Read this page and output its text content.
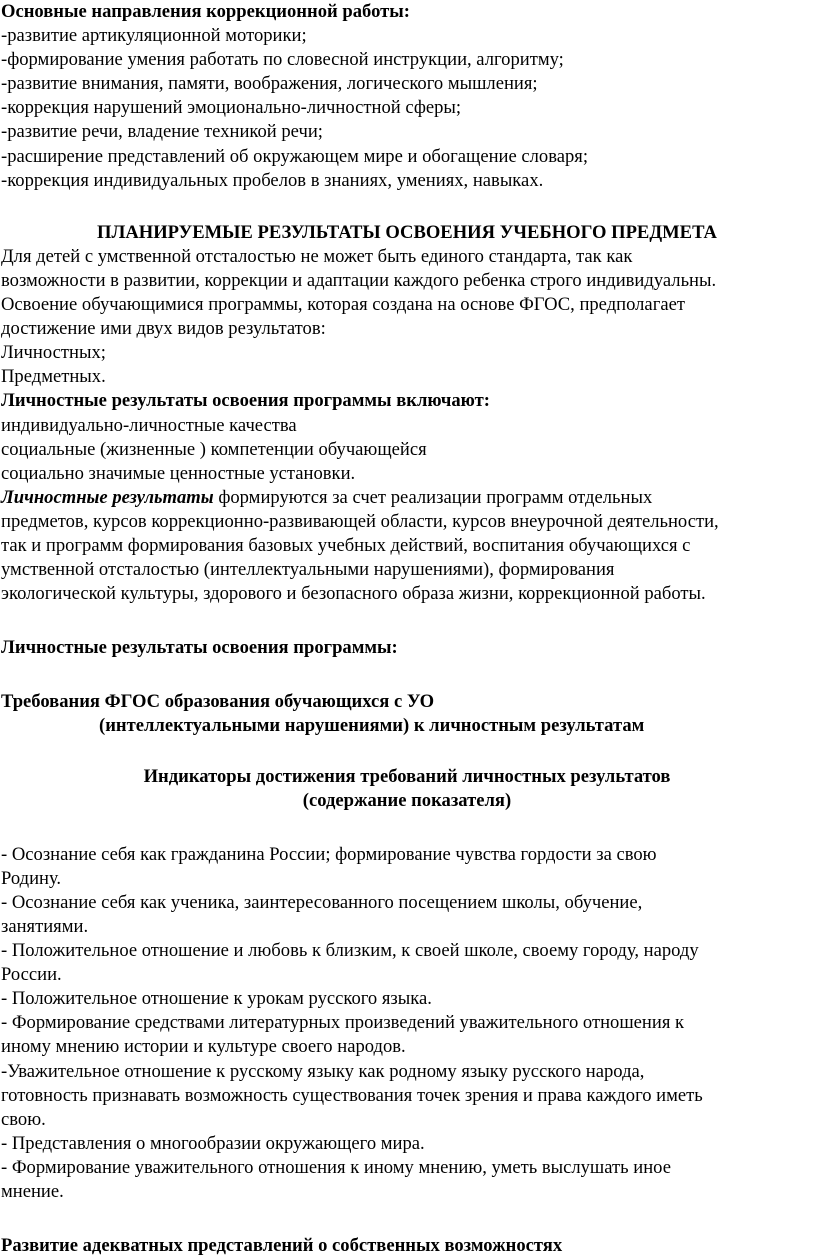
Основные направления коррекционной работы:
-развитие артикуляционной моторики;
-формирование умения работать по словесной инструкции, алгоритму;
-развитие внимания, памяти, воображения, логического мышления;
-коррекция нарушений эмоционально-личностной сферы;
-развитие речи, владение техникой речи;
-расширение представлений об окружающем мире и обогащение словаря;
-коррекция индивидуальных пробелов в знаниях, умениях, навыках.
ПЛАНИРУЕМЫЕ РЕЗУЛЬТАТЫ ОСВОЕНИЯ УЧЕБНОГО ПРЕДМЕТА
Для детей с умственной отсталостью не может быть единого стандарта, так как
возможности в развитии, коррекции и адаптации каждого ребенка строго индивидуальны.
Освоение обучающимися программы, которая создана на основе ФГОС, предполагает
достижение ими двух видов результатов:
Личностных;
Предметных.
Личностные результаты освоения программы включают:
индивидуально-личностные качества
социальные (жизненные ) компетенции обучающейся
социально значимые ценностные установки.
Личностные результаты формируются за счет реализации программ отдельных
предметов, курсов коррекционно-развивающей области, курсов внеурочной деятельности,
так и программ формирования базовых учебных действий, воспитания обучающихся с
умственной отсталостью (интеллектуальными нарушениями), формирования
экологической культуры, здорового и безопасного образа жизни, коррекционной работы.
Личностные результаты освоения программы:
Требования ФГОС образования обучающихся с УО
(интеллектуальными нарушениями) к личностным результатам
Индикаторы достижения требований личностных результатов
(содержание показателя)
- Осознание себя как гражданина России; формирование чувства гордости за свою
Родину.
- Осознание себя как ученика, заинтересованного посещением школы, обучение,
занятиями.
- Положительное отношение и любовь к близким, к своей школе, своему городу, народу
России.
- Положительное отношение к урокам русского языка.
- Формирование средствами литературных произведений уважительного отношения к
иному мнению истории и культуре своего народов.
-Уважительное отношение к русскому языку как родному языку русского народа,
готовность признавать возможность существования точек зрения и права каждого иметь
свою.
- Представления о многообразии окружающего мира.
- Формирование уважительного отношения к иному мнению, уметь выслушать иное
мнение.
Развитие адекватных представлений о собственных возможностях
